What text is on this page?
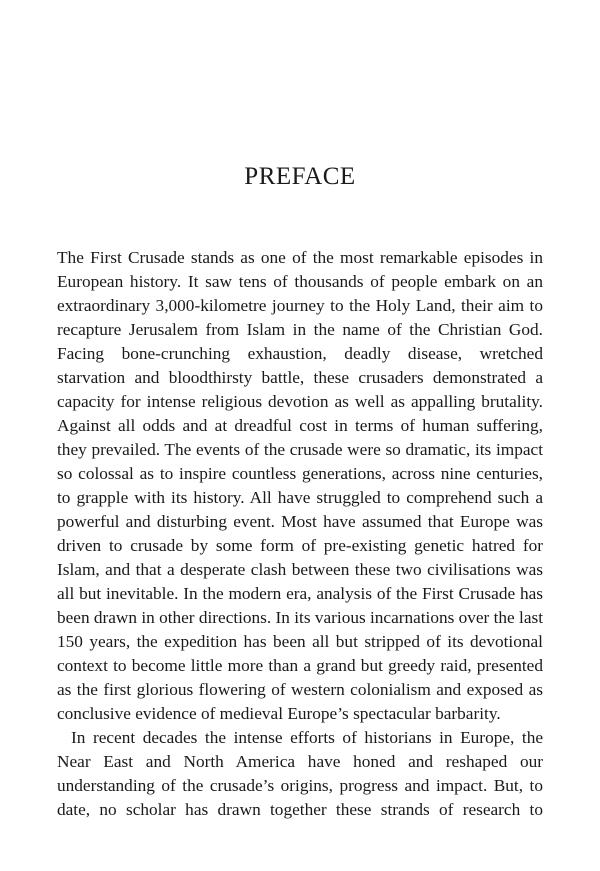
PREFACE
The First Crusade stands as one of the most remarkable episodes in
European history. It saw tens of thousands of people embark on an
extraordinary 3,000-kilometre journey to the Holy Land, their aim to
recapture Jerusalem from Islam in the name of the Christian God.
Facing bone-crunching exhaustion, deadly disease, wretched
starvation and bloodthirsty battle, these crusaders demonstrated a
capacity for intense religious devotion as well as appalling brutality.
Against all odds and at dreadful cost in terms of human suffering,
they prevailed. The events of the crusade were so dramatic, its impact
so colossal as to inspire countless generations, across nine centuries,
to grapple with its history. All have struggled to comprehend such a
powerful and disturbing event. Most have assumed that Europe was
driven to crusade by some form of pre-existing genetic hatred for
Islam, and that a desperate clash between these two civilisations was
all but inevitable. In the modern era, analysis of the First Crusade has
been drawn in other directions. In its various incarnations over the last
150 years, the expedition has been all but stripped of its devotional
context to become little more than a grand but greedy raid, presented
as the first glorious flowering of western colonialism and exposed as
conclusive evidence of medieval Europe’s spectacular barbarity.
In recent decades the intense efforts of historians in Europe, the
Near East and North America have honed and reshaped our
understanding of the crusade’s origins, progress and impact. But, to
date, no scholar has drawn together these strands of research to
